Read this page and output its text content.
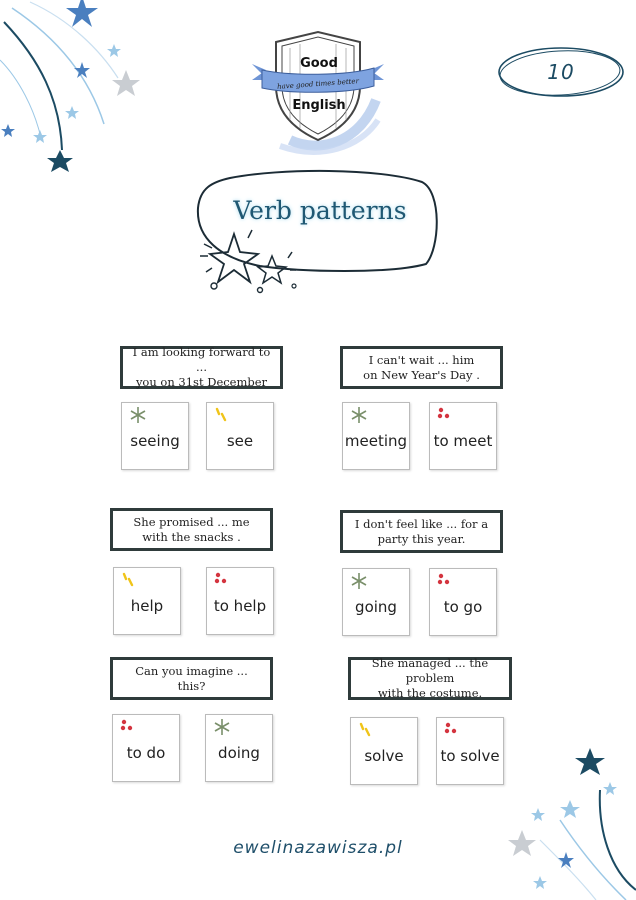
Good
have good times better
English
10
Verb patterns
I am looking forward to ...
you on 31st December
seeing	see
I can't wait ... him
on New Year's Day .
meeting to meet
She promised ... me
with the snacks .
help	to help
I don't feel like ... for a
party this year.
going	to go
Can you imagine ...
this?
to do	doing
She managed ... the problem
with the costume.
solve to solve
ewelinazawisza.pl
